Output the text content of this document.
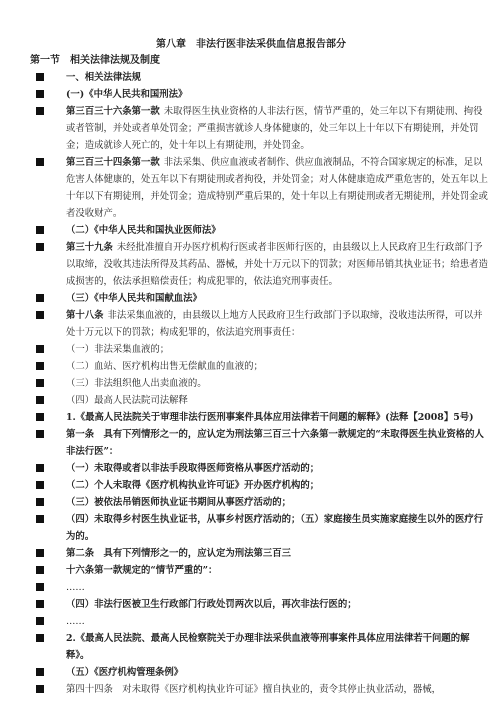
第八章　非法行医非法采供血信息报告部分
第一节　相关法律法规及制度
一、相关法律法规
(一)《中华人民共和国刑法》
第三百三十六条第一款 未取得医生执业资格的人非法行医，情节严重的，处三年以下有期徒刑、拘役或者管制，并处或者单处罚金；严重损害就诊人身体健康的，处三年以上十年以下有期徒刑，并处罚金；造成就诊人死亡的，处十年以上有期徒刑，并处罚金。
第三百三十四条第一款 非法采集、供应血液或者制作、供应血液制品，不符合国家规定的标准，足以危害人体健康的，处五年以下有期徒刑或者拘役，并处罚金；对人体健康造成严重危害的，处五年以上十年以下有期徒刑，并处罚金；造成特别严重后果的，处十年以上有期徒刑或者无期徒刑，并处罚金或者没收财产。
（二）《中华人民共和国执业医师法》
第三十九条 未经批准擅自开办医疗机构行医或者非医师行医的，由县级以上人民政府卫生行政部门予以取缔，没收其违法所得及其药品、器械，并处十万元以下的罚款；对医师吊销其执业证书；给患者造成损害的，依法承担赔偿责任；构成犯罪的，依法追究刑事责任。
（三）《中华人民共和国献血法》
第十八条 非法采集血液的，由县级以上地方人民政府卫生行政部门予以取缔，没收违法所得，可以并处十万元以下的罚款；构成犯罪的，依法追究刑事责任：
（一）非法采集血液的；
（二）血站、医疗机构出售无偿献血的血液的；
（三）非法组织他人出卖血液的。
（四）最高人民法院司法解释
1.《最高人民法院关于审理非法行医刑事案件具体应用法律若干问题的解释》(法释【2008】5号)
第一条　具有下列情形之一的，应认定为刑法第三百三十六条第一款规定的“未取得医生执业资格的人非法行医”：
（一）未取得或者以非法手段取得医师资格从事医疗活动的；
（二）个人未取得《医疗机构执业许可证》开办医疗机构的；
（三）被依法吊销医师执业证书期间从事医疗活动的；
（四）未取得乡村医生执业证书，从事乡村医疗活动的；（五）家庭接生员实施家庭接生以外的医疗行为的。
第二条　具有下列情形之一的，应认定为刑法第三百三
十六条第一款规定的“情节严重的”：
……
（四）非法行医被卫生行政部门行政处罚两次以后，再次非法行医的；
……
2.《最高人民法院、最高人民检察院关于办理非法采供血液等刑事案件具体应用法律若干问题的解释》。
（五）《医疗机构管理条例》
第四十四条　对未取得《医疗机构执业许可证》擅自执业的，责令其停止执业活动，器械，
